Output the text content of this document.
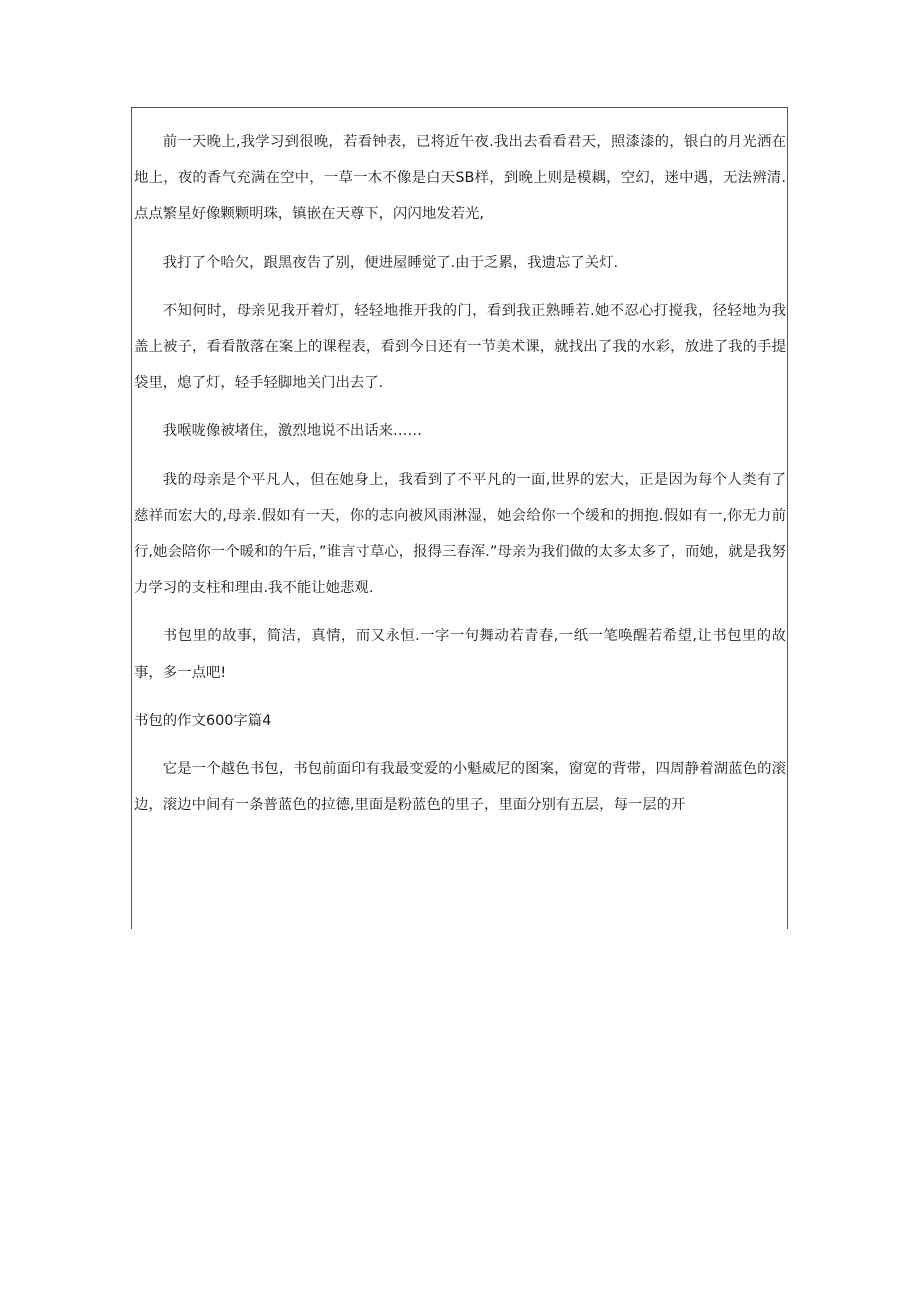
前一天晚上,我学习到很晚，若看钟表，已将近午夜.我出去看看君天，照漆漆的，银白的月光洒在地上，夜的香气充满在空中，一草一木不像是白天SB样，到晚上则是模耦，空幻，迷中遇，无法辨清.点点繁星好像颗颗明珠，镇嵌在天尊下，闪闪地发若光,

我打了个哈欠，跟黑夜告了别，便进屋睡觉了.由于乏累，我遗忘了关灯.

不知何时，母亲见我开着灯，轻轻地推开我的门，看到我正熟睡若.她不忍心打搅我，径轻地为我盖上被子，看看散落在案上的课程表，看到今日还有一节美术课，就找出了我的水彩，放进了我的手提袋里，熄了灯，轻手轻脚地关门出去了.

我喉咙像被堵住，激烈地说不出话来……

我的母亲是个平凡人，但在她身上，我看到了不平凡的一面,世界的宏大，正是因为每个人类有了慈祥而宏大的,母亲.假如有一天，你的志向被风雨淋湿，她会给你一个缓和的拥抱.假如有一,你无力前行,她会陪你一个暖和的午后，”谁言寸草心，报得三春浑.”母亲为我们做的太多太多了，而她，就是我努力学习的支柱和理由.我不能让她悲观.

书包里的故事，简洁，真情，而又永恒.一字一句舞动若青春,一纸一笔唤醒若希望,让书包里的故事，多一点吧!

书包的作文600字篇4

它是一个越色书包，书包前面印有我最变爱的小魁威尼的图案，窗宽的背带，四周静着湖蓝色的滚边，滚边中间有一条普蓝色的拉德,里面是粉蓝色的里子，里面分别有五层，每一层的开
